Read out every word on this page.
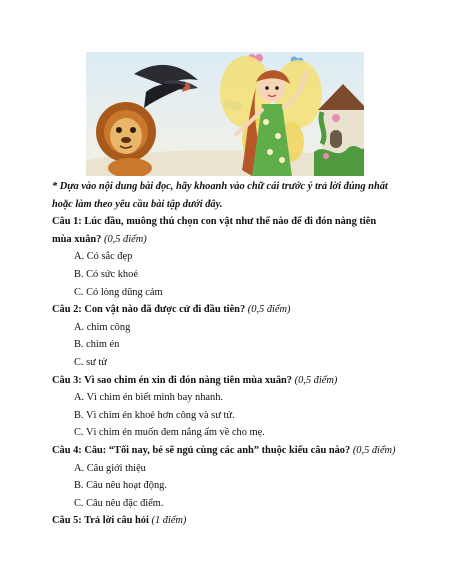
* Dựa vào nội dung bài đọc, hãy khoanh vào chữ cái trước ý trả lời đúng nhất hoặc làm theo yêu cầu bài tập dưới đây.
Câu 1: Lúc đầu, muông thú chọn con vật như thế nào để đi đón nàng tiên mùa xuân? (0,5 điểm)
A. Có sắc đẹp
B. Có sức khoẻ
C. Có lòng dũng cảm
Câu 2: Con vật nào đã được cử đi đầu tiên? (0,5 điểm)
A. chim công
B. chim én
C. sư tử
Câu 3: Vì sao chim én xin đi đón nàng tiên mùa xuân? (0,5 điểm)
A. Vì chim én biết mình bay nhanh.
B. Vì chim én khoẻ hơn công và sư tử.
C. Vì chim én muốn đem nắng ấm về cho mẹ.
Câu 4: Câu: “Tối nay, bé sẽ ngủ cùng các anh” thuộc kiểu câu nào? (0,5 điểm)
A. Câu giới thiệu
B. Câu nêu hoạt động.
C. Câu nêu đặc điểm.
Câu 5: Trả lời câu hỏi (1 điểm)
